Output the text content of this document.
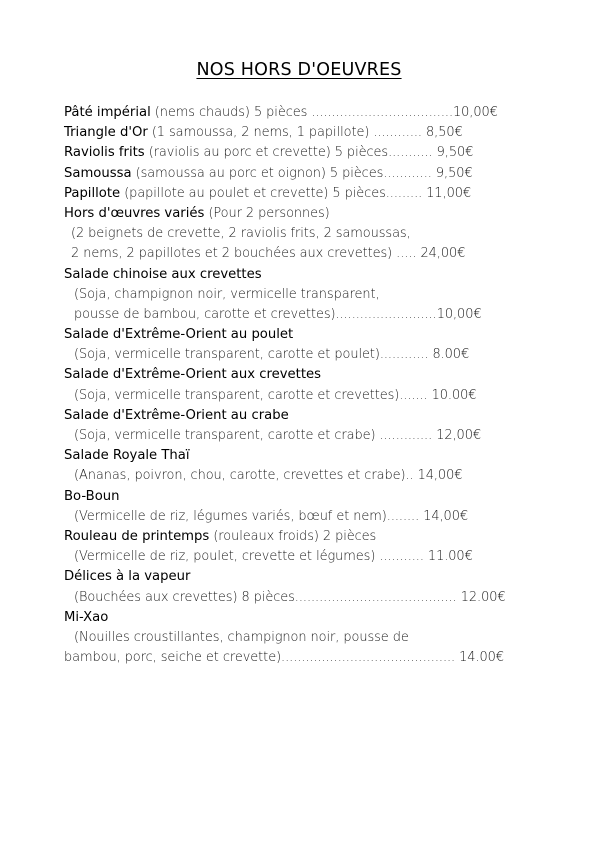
NOS HORS D'OEUVRES
Pâté impérial (nems chauds) 5 pièces ...................................10,00€
Triangle d'Or (1 samoussa, 2 nems, 1 papillote) ............ 8,50€
Raviolis frits (raviolis au porc et crevette) 5 pièces........... 9,50€
Samoussa (samoussa au porc et oignon) 5 pièces............ 9,50€
Papillote (papillote au poulet et crevette) 5 pièces......... 11,00€
Hors d'œuvres variés (Pour 2 personnes)
(2 beignets de crevette, 2 raviolis frits, 2 samoussas,
2 nems, 2 papillotes et 2 bouchées aux crevettes) ..... 24,00€
Salade chinoise aux crevettes
(Soja, champignon noir, vermicelle transparent,
pousse de bambou, carotte et crevettes).........................10,00€
Salade d'Extrême-Orient au poulet
(Soja, vermicelle transparent, carotte et poulet)............ 8.00€
Salade d'Extrême-Orient aux crevettes
(Soja, vermicelle transparent, carotte et crevettes)....... 10.00€
Salade d'Extrême-Orient au crabe
(Soja, vermicelle transparent, carotte et crabe) ............. 12,00€
Salade Royale Thaï
(Ananas, poivron, chou, carotte, crevettes et crabe).. 14,00€
Bo-Boun
(Vermicelle de riz, légumes variés, bœuf et nem)........ 14,00€
Rouleau de printemps (rouleaux froids) 2 pièces
(Vermicelle de riz, poulet, crevette et légumes) ........... 11.00€
Délices à la vapeur
(Bouchées aux crevettes) 8 pièces........................................ 12.00€
Mi-Xao
(Nouilles croustillantes, champignon noir, pousse de
bambou, porc, seiche et crevette)........................................... 14.00€
